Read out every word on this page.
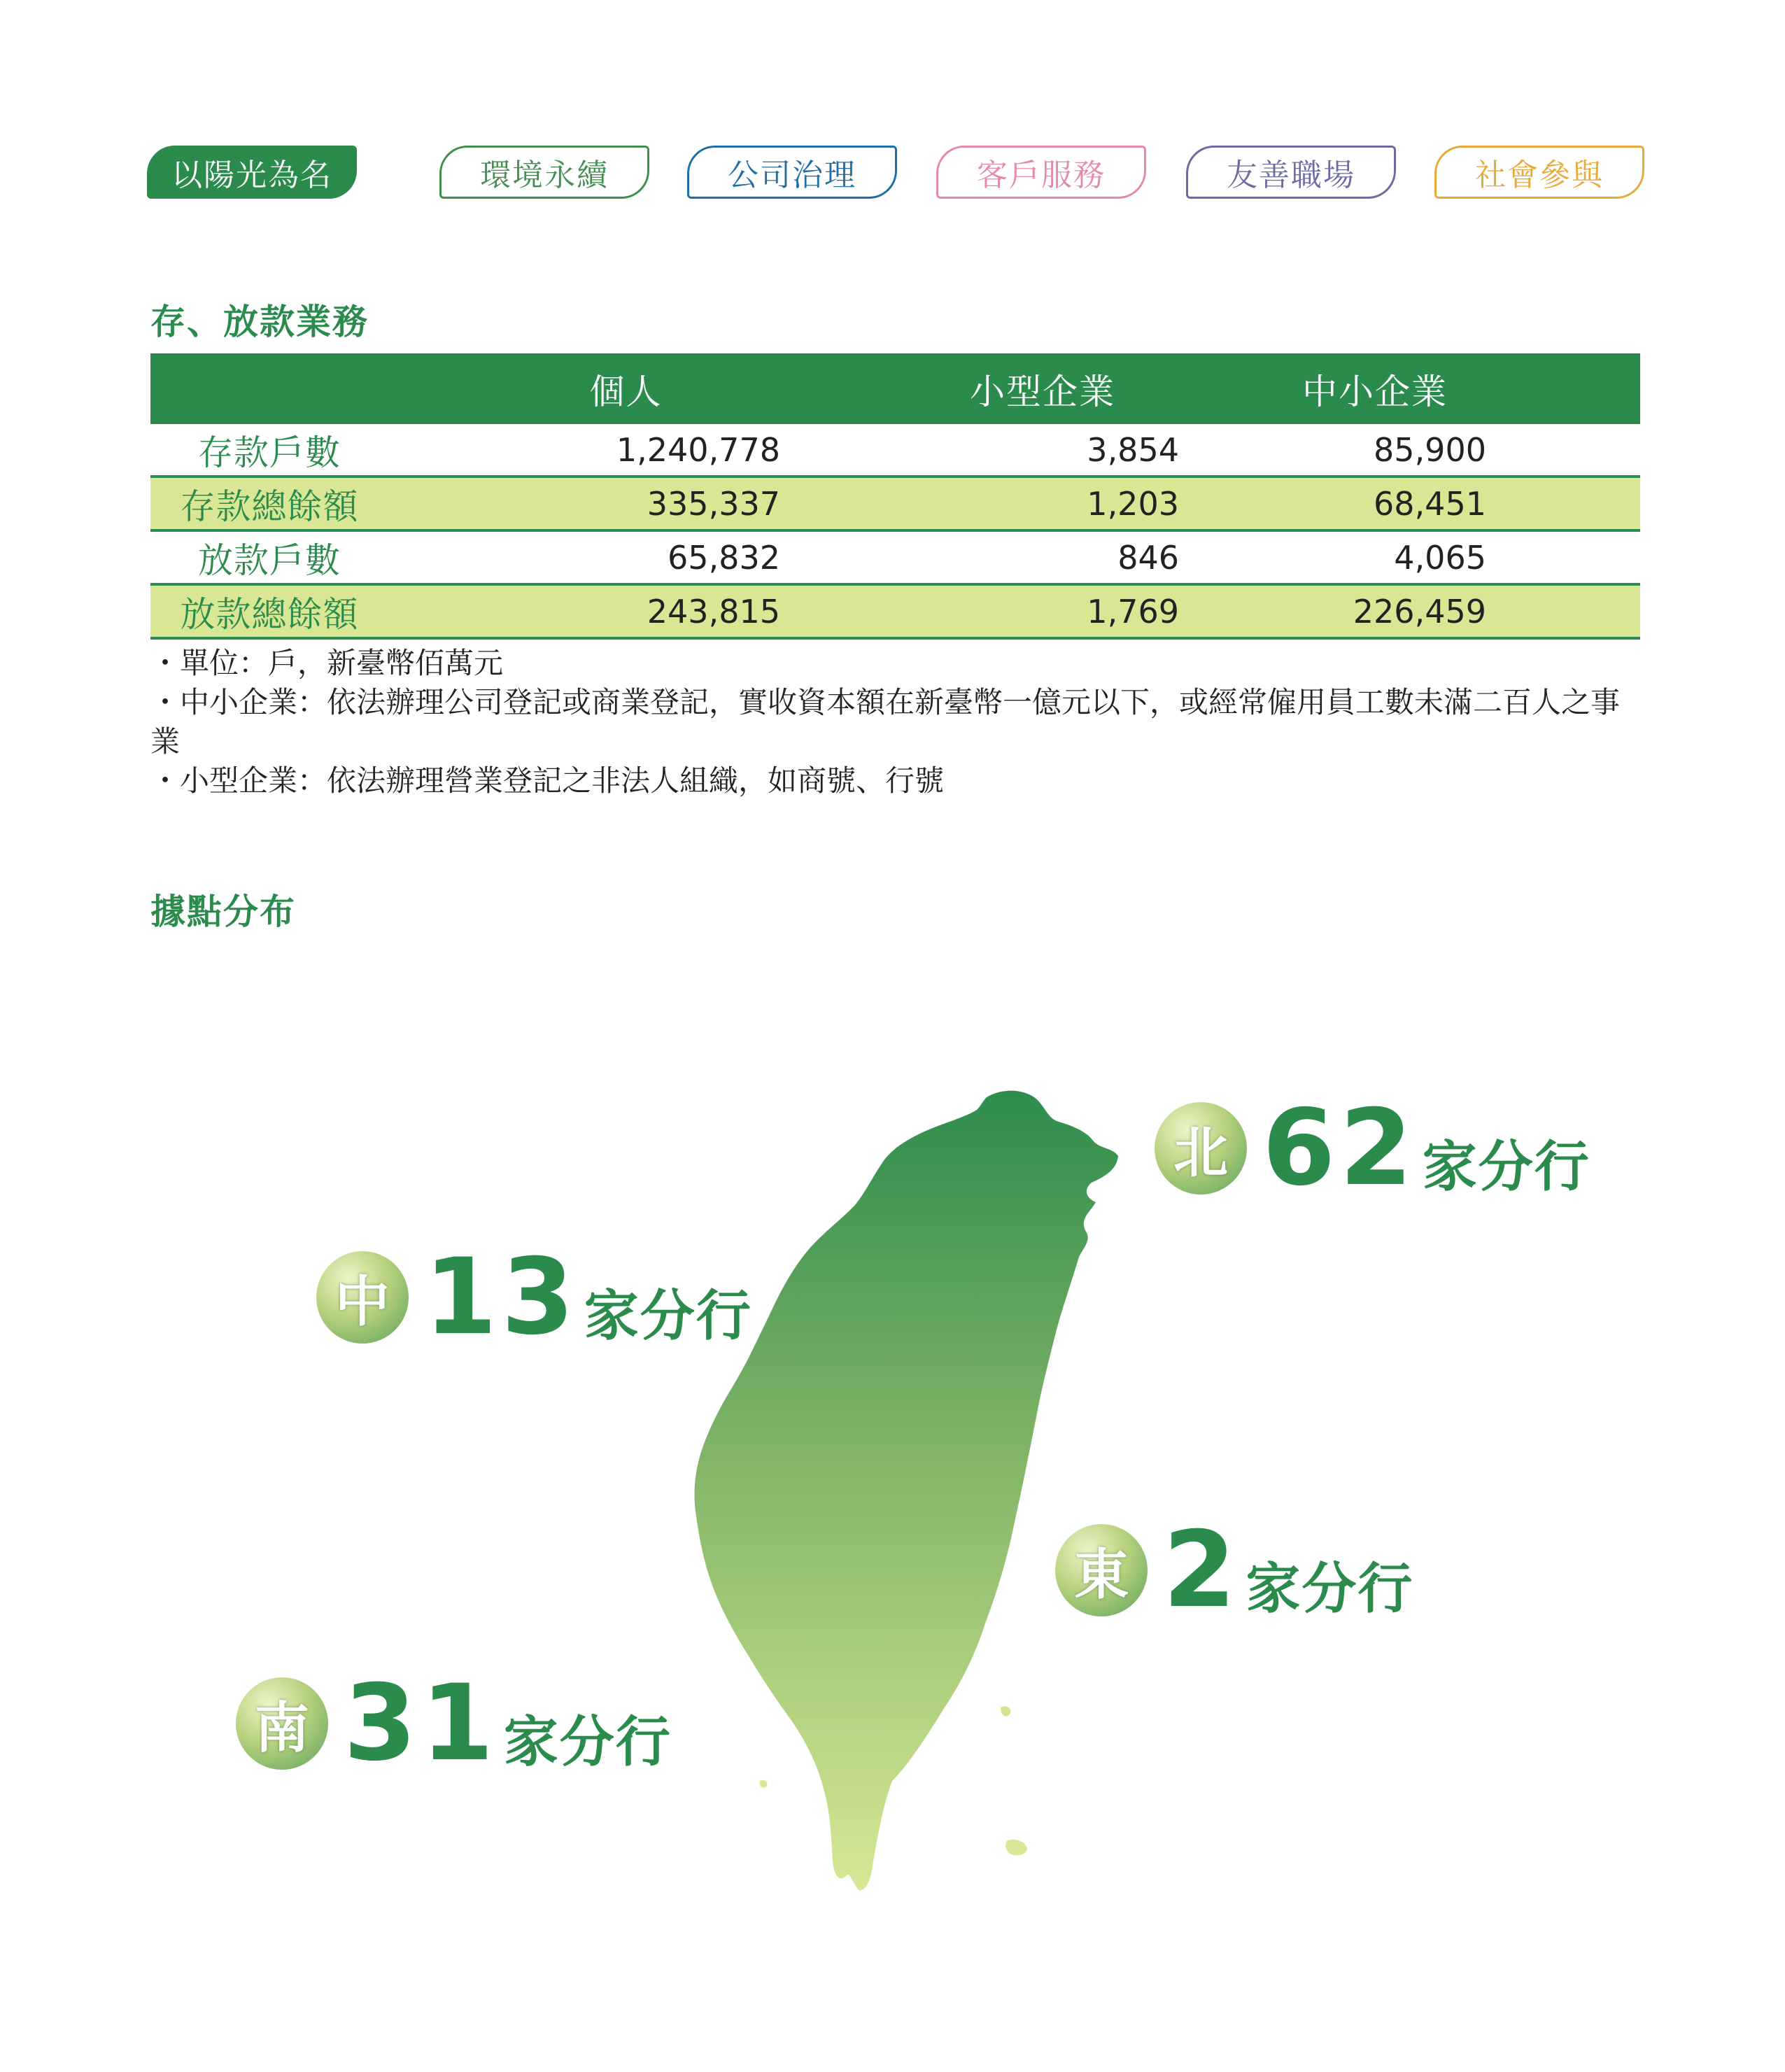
以陽光為名	環境永續	公司治理	客戶服務	友善職場	社會參與
存、放款業務
	個人	小型企業	中小企業
存款戶數	1,240,778	3,854	85,900
存款總餘額	335,337	1,203	68,451
放款戶數	65,832	846	4,065
放款總餘額	243,815	1,769	226,459

・單位：戶，新臺幣佰萬元

・中小企業：依法辦理公司登記或商業登記，實收資本額在新臺幣一億元以下，或經常僱用員工數未滿二百人之事業

・小型企業：依法辦理營業登記之非法人組織，如商號、行號

據點分布
北 62 家分行
中 13 家分行
東 2 家分行
南 31 家分行
